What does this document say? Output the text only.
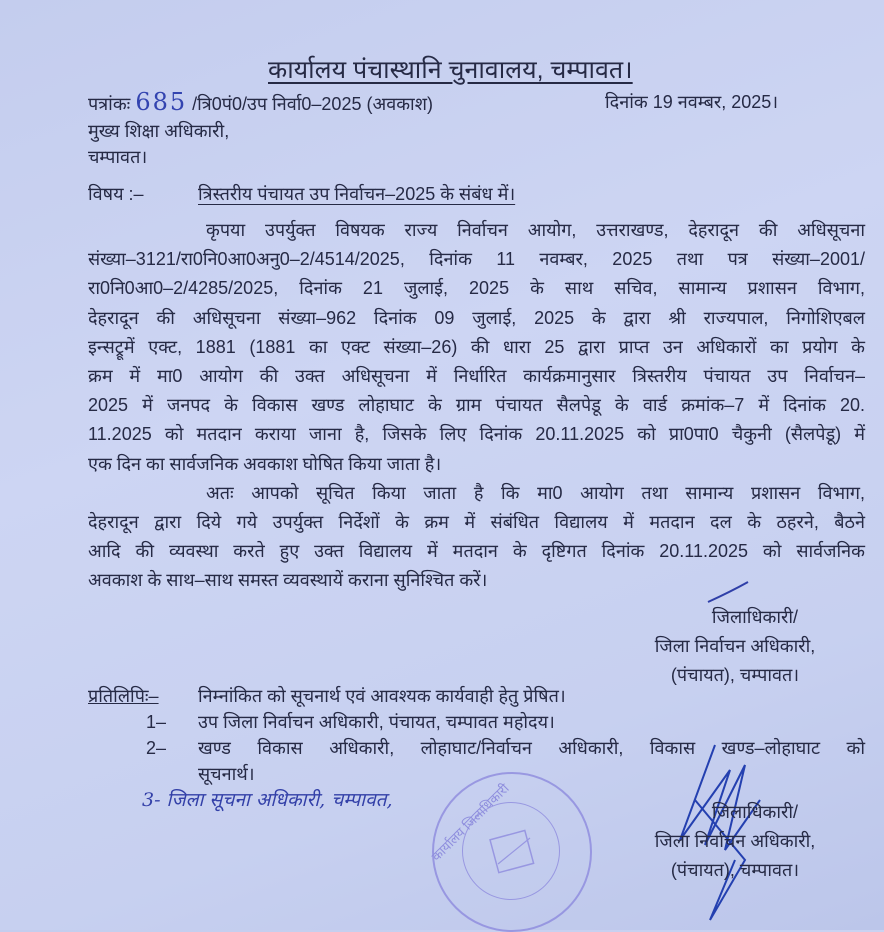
कार्यालय पंचास्थानि चुनावालय, चम्पावत।
पत्रांकः 685 /त्रि0पं0/उप निर्वा0–2025 (अवकाश)	दिनांक 19 नवम्बर, 2025।
मुख्य शिक्षा अधिकारी,
चम्पावत।
विषय :–	त्रिस्तरीय पंचायत उप निर्वाचन–2025 के संबंध में।
कृपया उपर्युक्त विषयक राज्य निर्वाचन आयोग, उत्तराखण्ड, देहरादून की अधिसूचना
संख्या–3121/रा0नि0आ0अनु0–2/4514/2025, दिनांक 11 नवम्बर, 2025 तथा पत्र संख्या–2001/
रा0नि0आ0–2/4285/2025, दिनांक 21 जुलाई, 2025 के साथ सचिव, सामान्य प्रशासन विभाग,
देहरादून की अधिसूचना संख्या–962 दिनांक 09 जुलाई, 2025 के द्वारा श्री राज्यपाल, निगोशिएबल
इन्सट्रूमें एक्ट, 1881 (1881 का एक्ट संख्या–26) की धारा 25 द्वारा प्राप्त उन अधिकारों का प्रयोग के
क्रम में मा0 आयोग की उक्त अधिसूचना में निर्धारित कार्यक्रमानुसार त्रिस्तरीय पंचायत उप निर्वाचन–
2025 में जनपद के विकास खण्ड लोहाघाट के ग्राम पंचायत सैलपेडू के वार्ड क्रमांक–7 में दिनांक 20.
11.2025 को मतदान कराया जाना है, जिसके लिए दिनांक 20.11.2025 को प्रा0पा0 चैकुनी (सैलपेडू) में
एक दिन का सार्वजनिक अवकाश घोषित किया जाता है।
अतः आपको सूचित किया जाता है कि मा0 आयोग तथा सामान्य प्रशासन विभाग,
देहरादून द्वारा दिये गये उपर्युक्त निर्देशों के क्रम में संबंधित विद्यालय में मतदान दल के ठहरने, बैठने
आदि की व्यवस्था करते हुए उक्त विद्यालय में मतदान के दृष्टिगत दिनांक 20.11.2025 को सार्वजनिक
अवकाश के साथ–साथ समस्त व्यवस्थायें कराना सुनिश्चित करें।
जिलाधिकारी/
जिला निर्वाचन अधिकारी,
(पंचायत), चम्पावत।
प्रतिलिपिः– निम्नांकित को सूचनार्थ एवं आवश्यक कार्यवाही हेतु प्रेषित।
1– उप जिला निर्वाचन अधिकारी, पंचायत, चम्पावत महोदय।
2– खण्ड विकास अधिकारी, लोहाघाट/निर्वाचन अधिकारी, विकास खण्ड–लोहाघाट को
सूचनार्थ।
3- जिला सूचना अधिकारी, चम्पावत,	कार्यालय जिलाधिकारी	जिलाधिकारी/
जिला निर्वाचन अधिकारी,
(पंचायत), चम्पावत।
